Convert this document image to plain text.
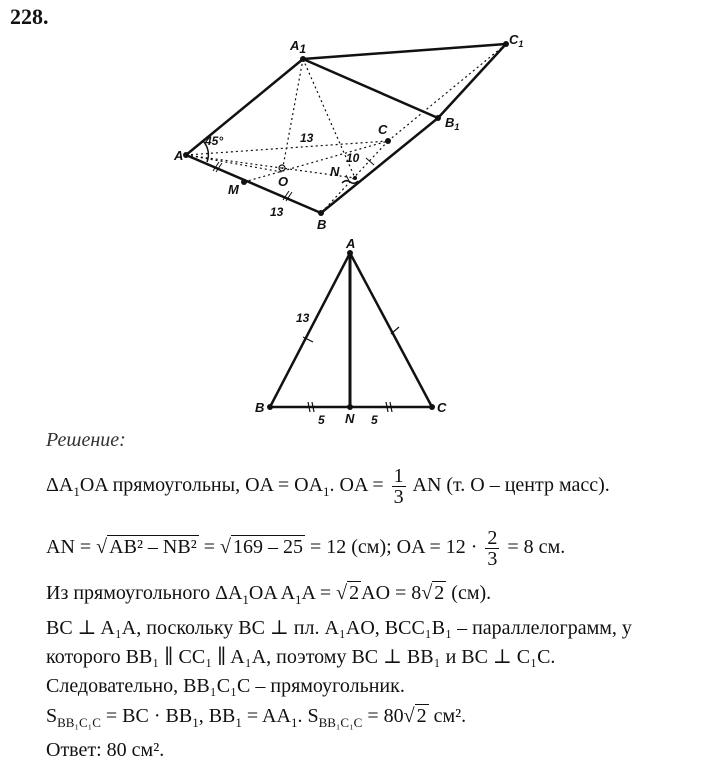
228.
A1
$C_1$
$B_1$
A
B
C
M
O
N
45°	13
13
10
A
B
N
C
13
5	5
Решение:
$\Delta A_1OA$ прямоугольны, OA = $OA_1$. OA = $\frac{1}{3}$ AN (т. O – центр масс).
AN = √ AB² – NB² = √ 169 – 25 = 12 (см); OA = $12 \cdot \frac{2}{3} = 8$ см.
Из прямоугольного $\Delta A_1OA$ $A_1A$ = √ 2 AO = 8√ 2 (см).
BC ⊥ A₁A, поскольку BC ⊥ пл. A₁AO, BCC₁B₁ – параллелограмм, у которого BB₁ ∥ CC₁ ∥ A₁A, поэтому BC ⊥ BB₁ и BC ⊥ C₁C. Следовательно, BB₁C₁C – прямоугольник.
$S_{BB_1C_1C}$ = BC · $BB_1$, $BB_1 = AA_1$. $S_{BB_1C_1C} = 80√$ 2 см².
Ответ: 80 см².
